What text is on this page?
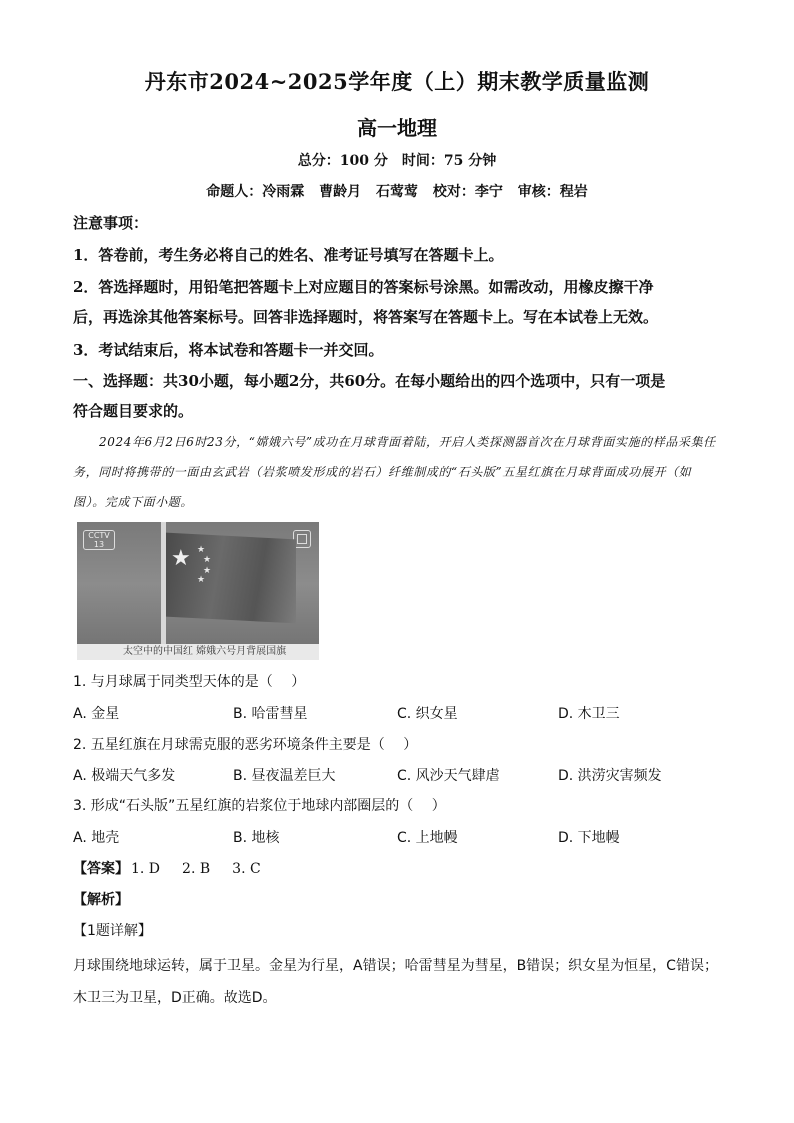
丹东市2024~2025学年度（上）期末教学质量监测
高一地理
总分：100 分　时间：75 分钟
命题人：冷雨霖 曹龄月 石莺莺 校对：李宁 审核：程岩
注意事项：
1．答卷前，考生务必将自己的姓名、准考证号填写在答题卡上。
2．答选择题时，用铅笔把答题卡上对应题目的答案标号涂黑。如需改动，用橡皮擦干净
后，再选涂其他答案标号。回答非选择题时，将答案写在答题卡上。写在本试卷上无效。
3．考试结束后，将本试卷和答题卡一并交回。
一、选择题：共30小题，每小题2分，共60分。在每小题给出的四个选项中，只有一项是
符合题目要求的。
2024年6月2日6时23分，“嫦娥六号”成功在月球背面着陆，开启人类探测器首次在月球背面实施的样品采集任务，同时将携带的一面由玄武岩（岩浆喷发形成的岩石）纤维制成的“石头版”五星红旗在月球背面成功展开（如图）。完成下面小题。
CCTV 13
★ ★
★
★
★
太空中的中国红 嫦娥六号月背展国旗
1. 与月球属于同类型天体的是（　 ）
A. 金星	B. 哈雷彗星	C. 织女星	D. 木卫三
2. 五星红旗在月球需克服的恶劣环境条件主要是（　 ）
A. 极端天气多发	B. 昼夜温差巨大	C. 风沙天气肆虐	D. 洪涝灾害频发
3. 形成“石头版”五星红旗的岩浆位于地球内部圈层的（　 ）
A. 地壳	B. 地核	C. 上地幔	D. 下地幔
【答案】 1. D 2. B 3. C
【解析】
【1题详解】
月球围绕地球运转，属于卫星。金星为行星，A错误；哈雷彗星为彗星，B错误；织女星为恒星，C错误；木卫三为卫星，D正确。故选D。
